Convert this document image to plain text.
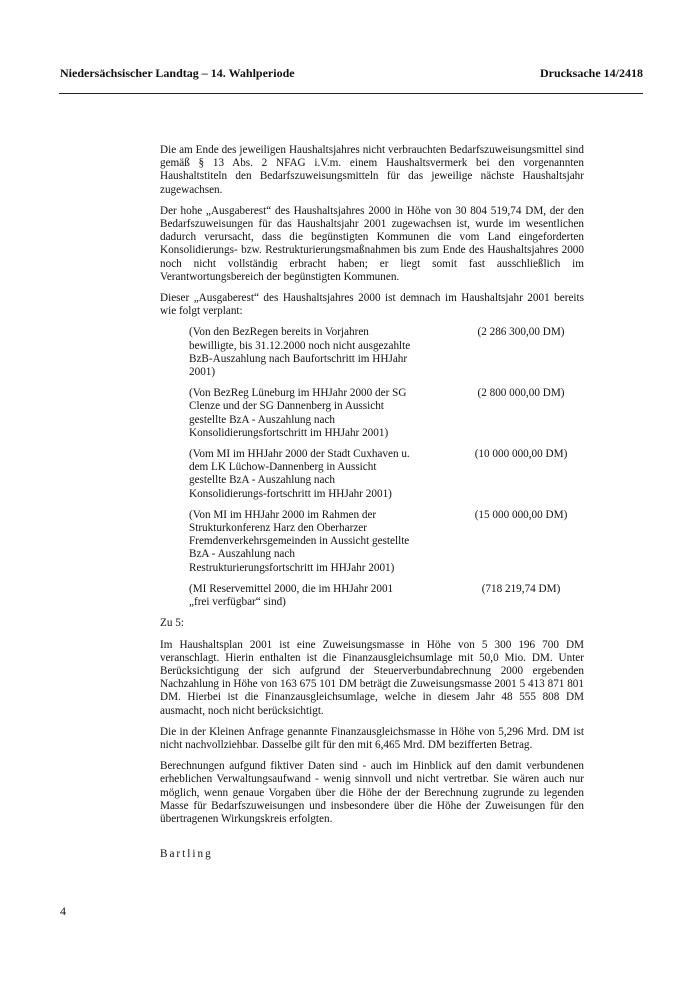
Niedersächsischer Landtag – 14. Wahlperiode	Drucksache 14/2418

Die am Ende des jeweiligen Haushaltsjahres nicht verbrauchten Bedarfszuweisungsmittel sind gemäß § 13 Abs. 2 NFAG i.V.m. einem Haushaltsvermerk bei den vorgenannten Haushaltstiteln den Bedarfszuweisungsmitteln für das jeweilige nächste Haushaltsjahr zugewachsen.

Der hohe „Ausgaberest“ des Haushaltsjahres 2000 in Höhe von 30 804 519,74 DM, der den Bedarfszuweisungen für das Haushaltsjahr 2001 zugewachsen ist, wurde im wesentlichen dadurch verursacht, dass die begünstigten Kommunen die vom Land eingeforderten Konsolidierungs- bzw. Restrukturierungsmaßnahmen bis zum Ende des Haushaltsjahres 2000 noch nicht vollständig erbracht haben; er liegt somit fast ausschließlich im Verantwortungsbereich der begünstigten Kommunen.

Dieser „Ausgaberest“ des Haushaltsjahres 2000 ist demnach im Haushaltsjahr 2001 bereits wie folgt verplant:

(Von den BezRegen bereits in Vorjahren bewilligte, bis 31.12.2000 noch nicht ausgezahlte BzB-Auszahlung nach Baufortschritt im HHJahr 2001)	(2 286 300,00 DM)
(Von BezReg Lüneburg im HHJahr 2000 der SG Clenze und der SG Dannenberg in Aussicht gestellte BzA - Auszahlung nach Konsolidierungsfortschritt im HHJahr 2001)	(2 800 000,00 DM)
(Vom MI im HHJahr 2000 der Stadt Cuxhaven u. dem LK Lüchow-Dannenberg in Aussicht gestellte BzA - Auszahlung nach Konsolidierungs-fortschritt im HHJahr 2001)	(10 000 000,00 DM)
(Von MI im HHJahr 2000 im Rahmen der Strukturkonferenz Harz den Oberharzer Fremdenverkehrsgemeinden in Aussicht gestellte BzA - Auszahlung nach Restrukturierungsfortschritt im HHJahr 2001)	(15 000 000,00 DM)
(MI Reservemittel 2000, die im HHJahr 2001 „frei verfügbar“ sind)	(718 219,74 DM)

Zu 5:

Im Haushaltsplan 2001 ist eine Zuweisungsmasse in Höhe von 5 300 196 700 DM veranschlagt. Hierin enthalten ist die Finanzausgleichsumlage mit 50,0 Mio. DM. Unter Berücksichtigung der sich aufgrund der Steuerverbundabrechnung 2000 ergebenden Nachzahlung in Höhe von 163 675 101 DM beträgt die Zuweisungsmasse 2001 5 413 871 801 DM. Hierbei ist die Finanzausgleichsumlage, welche in diesem Jahr 48 555 808 DM ausmacht, noch nicht berücksichtigt.

Die in der Kleinen Anfrage genannte Finanzausgleichsmasse in Höhe von 5,296 Mrd. DM ist nicht nachvollziehbar. Dasselbe gilt für den mit 6,465 Mrd. DM bezifferten Betrag.

Berechnungen aufgund fiktiver Daten sind - auch im Hinblick auf den damit verbundenen erheblichen Verwaltungsaufwand - wenig sinnvoll und nicht vertretbar. Sie wären auch nur möglich, wenn genaue Vorgaben über die Höhe der der Berechnung zugrunde zu legenden Masse für Bedarfszuweisungen und insbesondere über die Höhe der Zuweisungen für den übertragenen Wirkungskreis erfolgten.

Bartling

4
